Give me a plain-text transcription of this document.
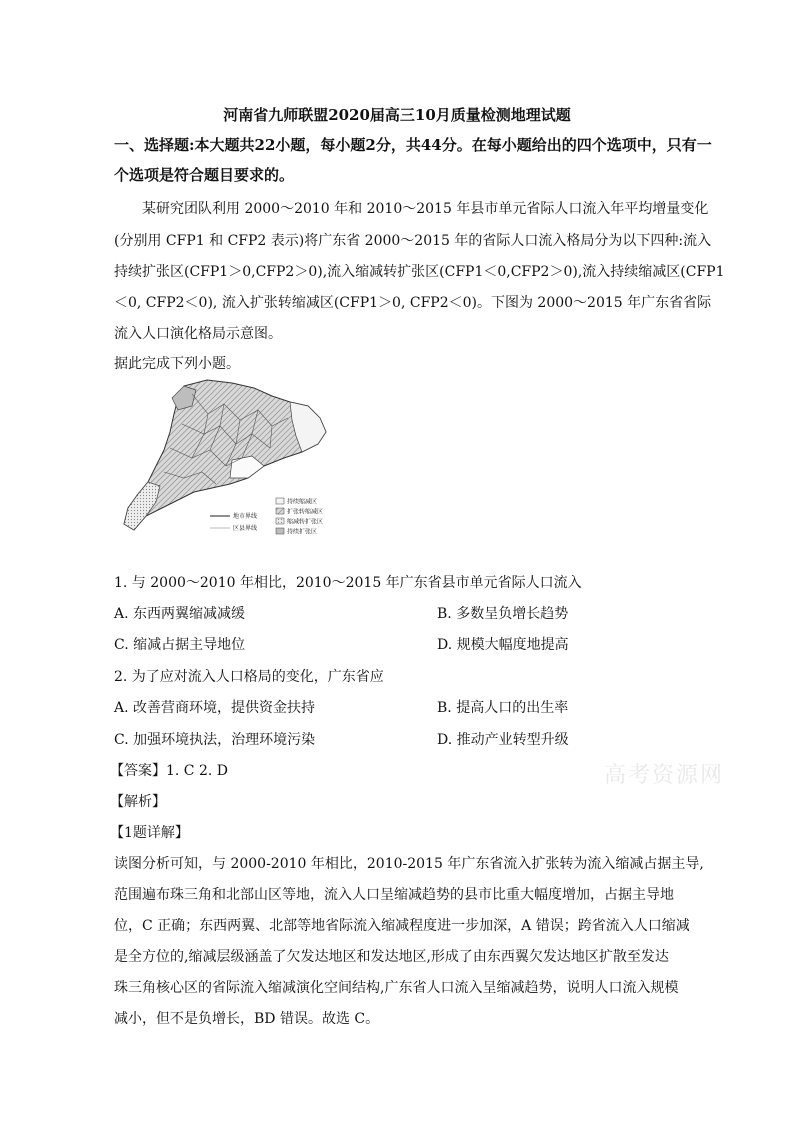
河南省九师联盟2020届高三10月质量检测地理试题
一、选择题:本大题共22小题，每小题2分，共44分。在每小题给出的四个选项中，只有一
个选项是符合题目要求的。
某研究团队利用 2000～2010 年和 2010～2015 年县市单元省际人口流入年平均增量变化
(分别用 CFP1 和 CFP2 表示)将广东省 2000～2015 年的省际人口流入格局分为以下四种:流入
持续扩张区(CFP1＞0,CFP2＞0),流入缩减转扩张区(CFP1＜0,CFP2＞0),流入持续缩减区(CFP1
＜0, CFP2＜0), 流入扩张转缩减区(CFP1＞0, CFP2＜0)。下图为 2000～2015 年广东省省际
流入人口演化格局示意图。
据此完成下列小题。
地市界线
区县界线
持续缩减区
扩张转缩减区
缩减转扩张区
持续扩张区
1. 与 2000～2010 年相比，2010～2015 年广东省县市单元省际人口流入
A. 东西两翼缩减减缓	B. 多数呈负增长趋势
C. 缩减占据主导地位	D. 规模大幅度地提高
2. 为了应对流入人口格局的变化，广东省应
A. 改善营商环境，提供资金扶持	B. 提高人口的出生率
C. 加强环境执法，治理环境污染	D. 推动产业转型升级
高考资源网
【答案】1. C 2. D
【解析】
【1题详解】
读图分析可知，与 2000-2010 年相比，2010-2015 年广东省流入扩张转为流入缩减占据主导,
范围遍布珠三角和北部山区等地，流入人口呈缩减趋势的县市比重大幅度增加，占据主导地
位，C 正确；东西两翼、北部等地省际流入缩减程度进一步加深，A 错误；跨省流入人口缩减
是全方位的,缩减层级涵盖了欠发达地区和发达地区,形成了由东西翼欠发达地区扩散至发达
珠三角核心区的省际流入缩减演化空间结构,广东省人口流入呈缩减趋势，说明人口流入规模
减小，但不是负增长，BD 错误。故选 C。
